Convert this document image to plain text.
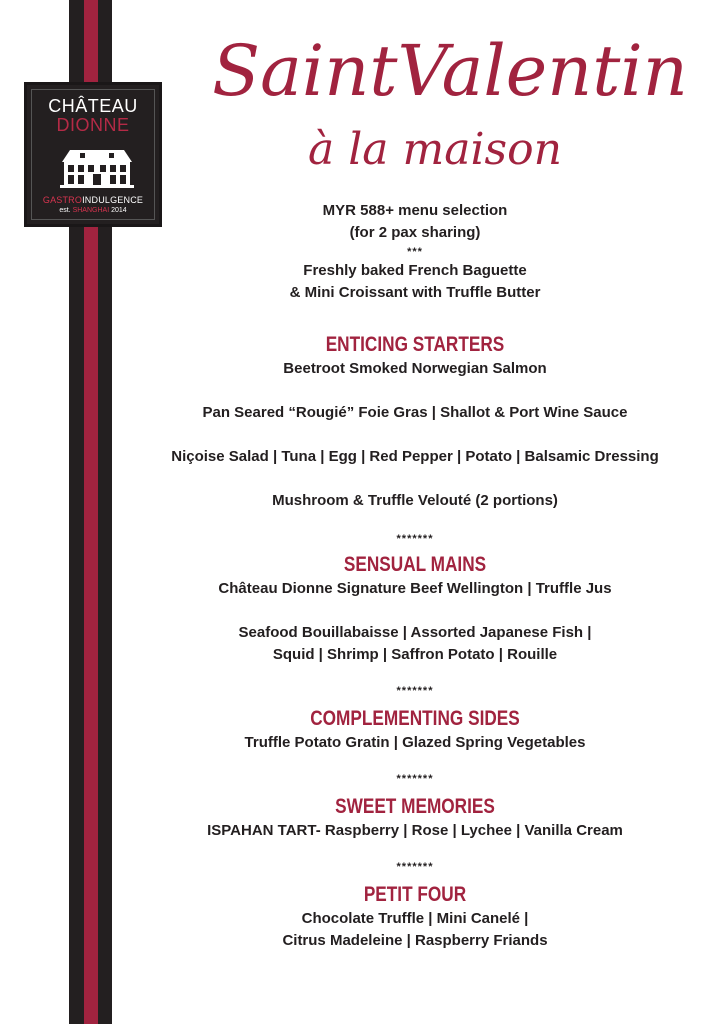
CHÂTEAU
DIONNE
GASTROINDULGENCE
est. SHANGHAI 2014
SaintValentin
à la maison

MYR 588+ menu selection

(for 2 pax sharing)

***

Freshly baked French Baguette

& Mini Croissant with Truffle Butter

ENTICING STARTERS

Beetroot Smoked Norwegian Salmon

Pan Seared “Rougié” Foie Gras | Shallot & Port Wine Sauce

Niçoise Salad | Tuna | Egg | Red Pepper | Potato | Balsamic Dressing

Mushroom & Truffle Velouté (2 portions)

*******

SENSUAL MAINS

Château Dionne Signature Beef Wellington | Truffle Jus

Seafood Bouillabaisse | Assorted Japanese Fish |

Squid | Shrimp | Saffron Potato | Rouille

*******

COMPLEMENTING SIDES

Truffle Potato Gratin | Glazed Spring Vegetables

*******

SWEET MEMORIES

ISPAHAN TART- Raspberry | Rose | Lychee | Vanilla Cream

*******

PETIT FOUR

Chocolate Truffle | Mini Canelé |

Citrus Madeleine | Raspberry Friands
